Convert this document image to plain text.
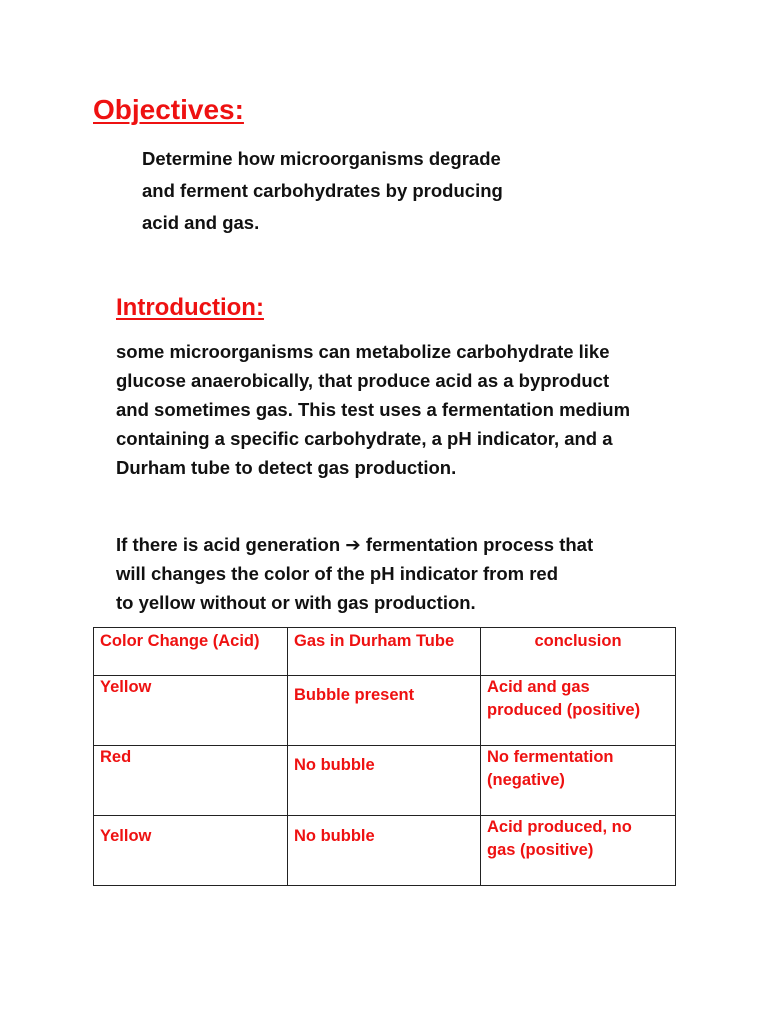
Objectives:

Determine how microorganisms degrade
and ferment carbohydrates by producing
acid and gas.

Introduction:

some microorganisms can metabolize carbohydrate like
glucose anaerobically, that produce acid as a byproduct
and sometimes gas. This test uses a fermentation medium
containing a specific carbohydrate, a pH indicator, and a
Durham tube to detect gas production.

If there is acid generation ➔ fermentation process that
will changes the color of the pH indicator from red
to yellow without or with gas production.

Color Change (Acid)	Gas in Durham Tube	conclusion

Yellow	Bubble present	Acid and gas
produced (positive)

Red	No bubble	No fermentation
(negative)

Yellow	No bubble	Acid produced, no
gas (positive)
